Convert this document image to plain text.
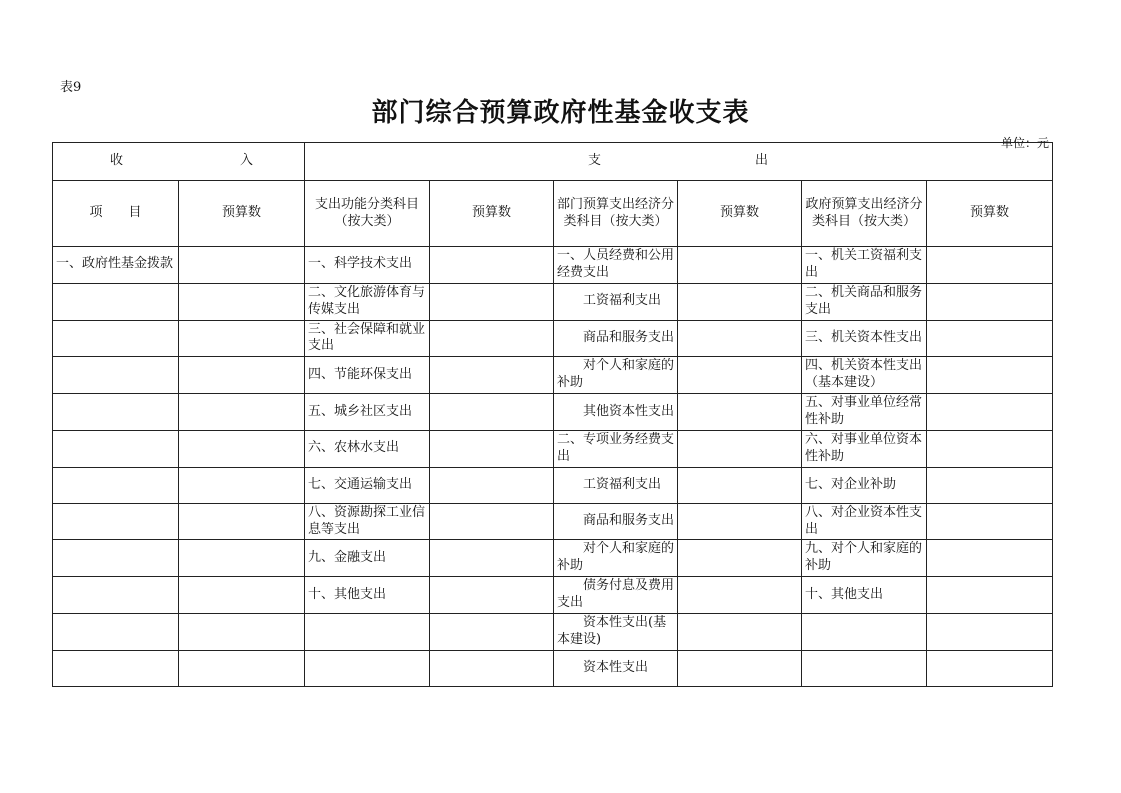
表9
部门综合预算政府性基金收支表
单位：元
收 入		支 出					

项　　目	预算数	支出功能分类科目（按大类）	预算数	部门预算支出经济分类科目（按大类）	预算数	政府预算支出经济分类科目（按大类）	预算数
一、政府性基金拨款		一、科学技术支出		一、人员经费和公用经费支出		一、机关工资福利支出	
		二、文化旅游体育与传媒支出		工资福利支出		二、机关商品和服务支出	
		三、社会保障和就业支出		商品和服务支出		三、机关资本性支出	
		四、节能环保支出		对个人和家庭的补助		四、机关资本性支出（基本建设）	
		五、城乡社区支出		其他资本性支出		五、对事业单位经常性补助	
		六、农林水支出		二、专项业务经费支出		六、对事业单位资本性补助	
		七、交通运输支出		工资福利支出		七、对企业补助	
		八、资源勘探工业信息等支出		商品和服务支出		八、对企业资本性支出	
		九、金融支出		对个人和家庭的补助		九、对个人和家庭的补助	
		十、其他支出		债务付息及费用支出		十、其他支出	
				资本性支出(基本建设)			
				资本性支出			
